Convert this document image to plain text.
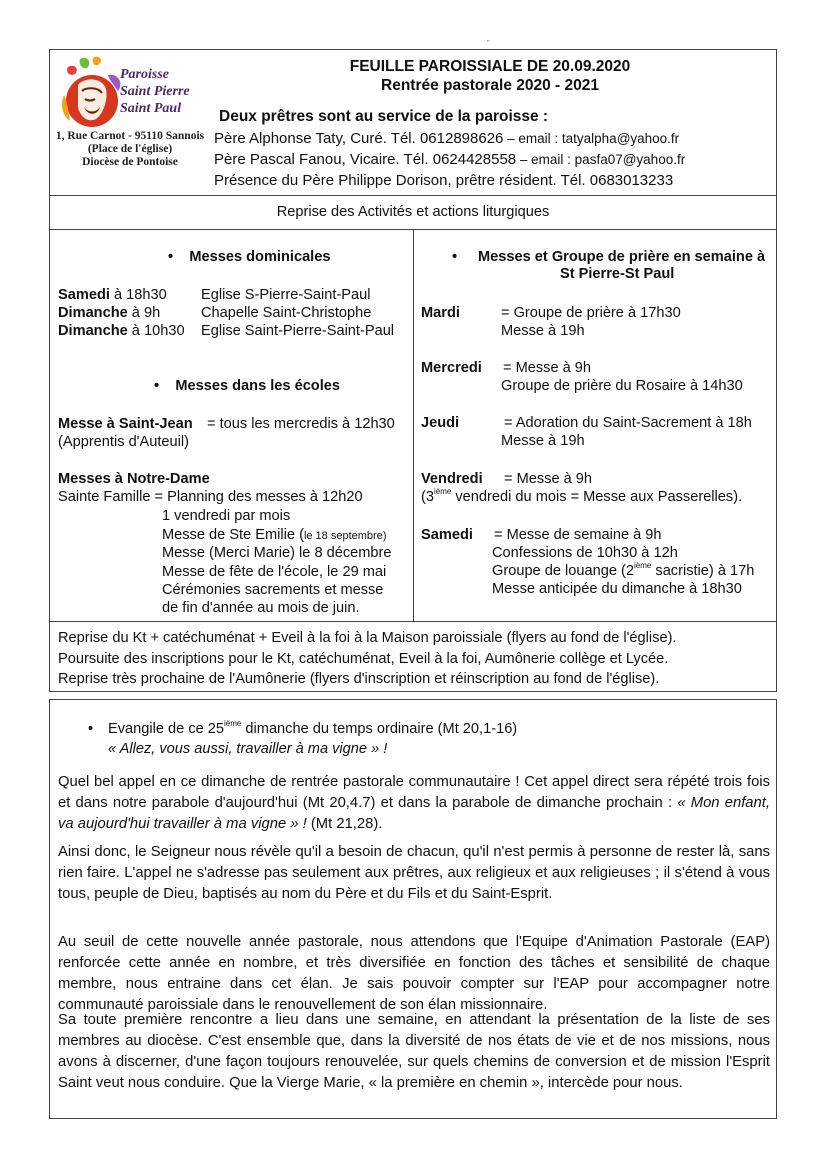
''
Paroisse
Saint Pierre
Saint Paul
1, Rue Carnot - 95110 Sannois
(Place de l'église)
Diocèse de Pontoise
FEUILLE PAROISSIALE DE 20.09.2020
Rentrée pastorale 2020 - 2021
Deux prêtres sont au service de la paroisse :
Père Alphonse Taty, Curé. Tél. 0612898626 – email : tatyalpha@yahoo.fr
Père Pascal Fanou, Vicaire. Tél. 0624428558 – email : pasfa07@yahoo.fr
Présence du Père Philippe Dorison, prêtre résident. Tél. 0683013233
Reprise des Activités et actions liturgiques
•    Messes dominicales
Samedi à 18h30 Eglise S-Pierre-Saint-Paul
Dimanche à 9h	Chapelle Saint-Christophe
Dimanche à 10h30 Eglise Saint-Pierre-Saint-Paul
•    Messes dans les écoles
Messe à Saint-Jean = tous les mercredis à 12h30
(Apprentis d'Auteuil)
Messes à Notre-Dame
Sainte Famille = Planning des messes à 12h20
1 vendredi par mois
Messe de Ste Emilie (le 18 septembre)
Messe (Merci Marie) le 8 décembre
Messe de fête de l'école, le 29 mai
Cérémonies sacrements et messe
de fin d'année au mois de juin.
• Messes et Groupe de prière en semaine à
St Pierre-St Paul
Mardi	= Groupe de prière à 17h30
Messe à 19h
Mercredi = Messe à 9h
Groupe de prière du Rosaire à 14h30
Jeudi	= Adoration du Saint-Sacrement à 18h
Messe à 19h
Vendredi = Messe à 9h
(3ième vendredi du mois = Messe aux Passerelles).
Samedi = Messe de semaine à 9h
Confessions de 10h30 à 12h
Groupe de louange (2ième sacristie) à 17h
Messe anticipée du dimanche à 18h30
Reprise du Kt + catéchuménat + Eveil à la foi à la Maison paroissiale (flyers au fond de l'église).
Poursuite des inscriptions pour le Kt, catéchuménat, Eveil à la foi, Aumônerie collège et Lycée.
Reprise très prochaine de l'Aumônerie (flyers d'inscription et réinscription au fond de l'église).
• Evangile de ce 25ième dimanche du temps ordinaire (Mt 20,1-16)
« Allez, vous aussi, travailler à ma vigne » !
Quel bel appel en ce dimanche de rentrée pastorale communautaire ! Cet appel direct sera répété trois fois et dans notre parabole d'aujourd'hui (Mt 20,4.7) et dans la parabole de dimanche prochain : « Mon enfant, va aujourd'hui travailler à ma vigne » ! (Mt 21,28).
Ainsi donc, le Seigneur nous révèle qu'il a besoin de chacun, qu'il n'est permis à personne de rester là, sans rien faire. L'appel ne s'adresse pas seulement aux prêtres, aux religieux et aux religieuses ; il s'étend à vous tous, peuple de Dieu, baptisés au nom du Père et du Fils et du Saint-Esprit.
Au seuil de cette nouvelle année pastorale, nous attendons que l'Equipe d'Animation Pastorale (EAP) renforcée cette année en nombre, et très diversifiée en fonction des tâches et sensibilité de chaque membre, nous entraine dans cet élan. Je sais pouvoir compter sur l'EAP pour accompagner notre communauté paroissiale dans le renouvellement de son élan missionnaire.
Sa toute première rencontre a lieu dans une semaine, en attendant la présentation de la liste de ses membres au diocèse. C'est ensemble que, dans la diversité de nos états de vie et de nos missions, nous avons à discerner, d'une façon toujours renouvelée, sur quels chemins de conversion et de mission l'Esprit Saint veut nous conduire. Que la Vierge Marie, « la première en chemin », intercède pour nous.
